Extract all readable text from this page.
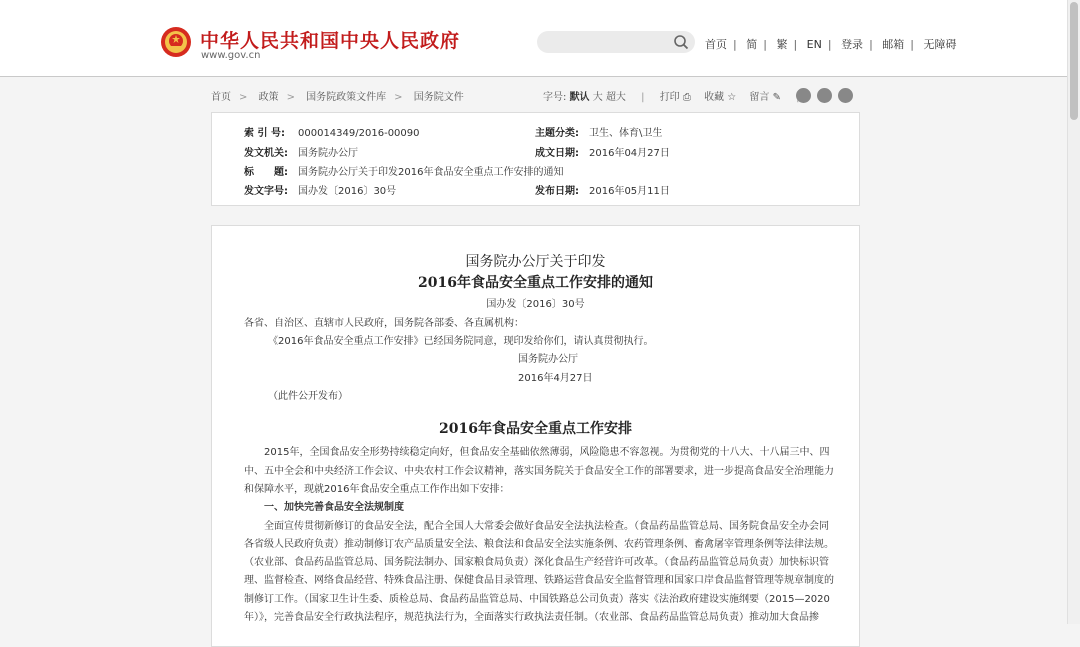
中华人民共和国中央人民政府
www.gov.cn
首页 | 简 | 繁 | EN | 登录 | 邮箱 | 无障碍
首页 > 政策 > 国务院政策文件库 > 国务院文件	字号: 默认 大 超大 | 打印 ⎙ 收藏 ☆ 留言 ✎
索 引 号: 000014349/2016-00090	主题分类: 卫生、体育\卫生
发文机关: 国务院办公厅	成文日期: 2016年04月27日
标　　题: 国务院办公厅关于印发2016年食品安全重点工作安排的通知
发文字号: 国办发〔2016〕30号	发布日期: 2016年05月11日
国务院办公厅关于印发
2016年食品安全重点工作安排的通知
国办发〔2016〕30号
各省、自治区、直辖市人民政府，国务院各部委、各直属机构：
《2016年食品安全重点工作安排》已经国务院同意，现印发给你们，请认真贯彻执行。
国务院办公厅
2016年4月27日
（此件公开发布）
2016年食品安全重点工作安排
2015年，全国食品安全形势持续稳定向好，但食品安全基础依然薄弱，风险隐患不容忽视。为贯彻党的十八大、十八届三中、四
中、五中全会和中央经济工作会议、中央农村工作会议精神，落实国务院关于食品安全工作的部署要求，进一步提高食品安全治理能力
和保障水平，现就2016年食品安全重点工作作出如下安排：
一、加快完善食品安全法规制度
全面宣传贯彻新修订的食品安全法，配合全国人大常委会做好食品安全法执法检查。（食品药品监管总局、国务院食品安全办会同
各省级人民政府负责）推动制修订农产品质量安全法、粮食法和食品安全法实施条例、农药管理条例、畜禽屠宰管理条例等法律法规。
（农业部、食品药品监管总局、国务院法制办、国家粮食局负责）深化食品生产经营许可改革。（食品药品监管总局负责）加快标识管
理、监督检查、网络食品经营、特殊食品注册、保健食品目录管理、铁路运营食品安全监督管理和国家口岸食品监督管理等规章制度的
制修订工作。（国家卫生计生委、质检总局、食品药品监管总局、中国铁路总公司负责）落实《法治政府建设实施纲要（2015—2020
年）》，完善食品安全行政执法程序，规范执法行为，全面落实行政执法责任制。（农业部、食品药品监管总局负责）推动加大食品掺
